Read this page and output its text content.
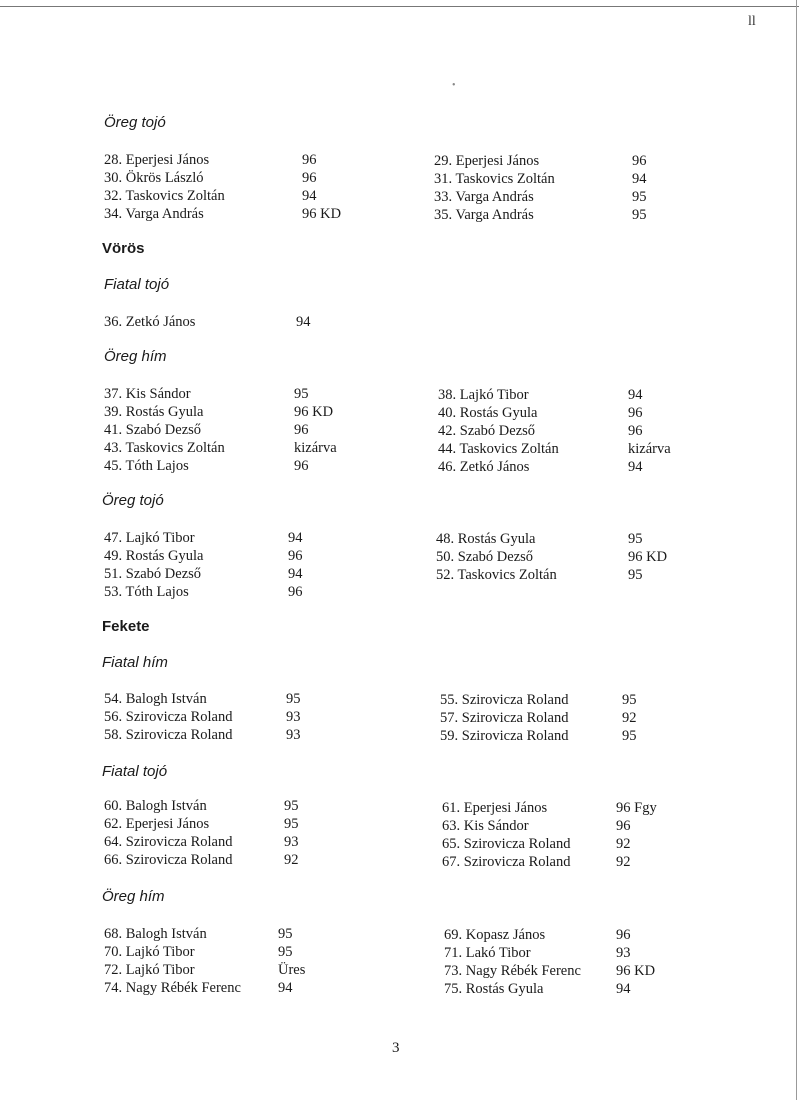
ll
•
Öreg tojó
Vörös
Fiatal tojó
Öreg hím
Öreg tojó
Fekete
Fiatal hím
Fiatal tojó
Öreg hím
28. Eperjesi János	96
30. Ökrös László	96
32. Taskovics Zoltán	94
34. Varga András	96 KD
29. Eperjesi János	96
31. Taskovics Zoltán	94
33. Varga András	95
35. Varga András	95
36. Zetkó János	94
37. Kis Sándor	95
39. Rostás Gyula	96 KD
41. Szabó Dezső	96
43. Taskovics Zoltán	kizárva
45. Tóth Lajos	96
38. Lajkó Tibor	94
40. Rostás Gyula	96
42. Szabó Dezső	96
44. Taskovics Zoltán	kizárva
46. Zetkó János	94
47. Lajkó Tibor	94
49. Rostás Gyula	96
51. Szabó Dezső	94
53. Tóth Lajos	96
48. Rostás Gyula	95
50. Szabó Dezső	96 KD
52. Taskovics Zoltán	95
54. Balogh István	95
56. Szirovicza Roland	93
58. Szirovicza Roland	93
55. Szirovicza Roland	95
57. Szirovicza Roland	92
59. Szirovicza Roland	95
60. Balogh István	95
62. Eperjesi János	95
64. Szirovicza Roland	93
66. Szirovicza Roland	92
61. Eperjesi János	96 Fgy
63. Kis Sándor	96
65. Szirovicza Roland	92
67. Szirovicza Roland	92
68. Balogh István	95
70. Lajkó Tibor	95
72. Lajkó Tibor	Üres
74. Nagy Rébék Ferenc	94
69. Kopasz János	96
71. Lakó Tibor	93
73. Nagy Rébék Ferenc 96 KD
75. Rostás Gyula	94
3
